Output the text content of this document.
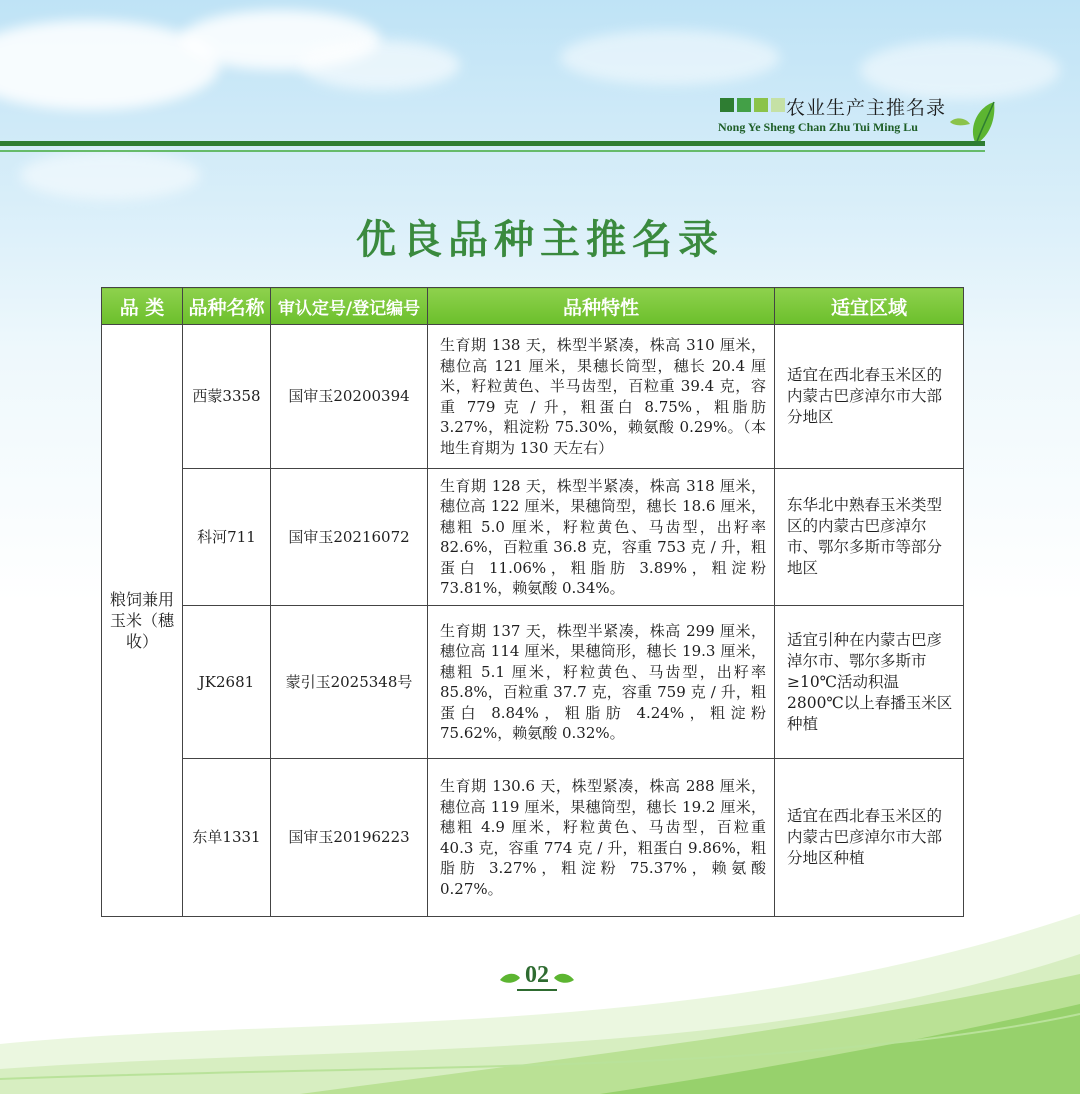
农业生产主推名录
Nong Ye Sheng Chan Zhu Tui Ming Lu
优良品种主推名录
品 类	品种名称	审认定号/登记编号	品种特性	适宜区域
粮饲兼用玉米（穗收）	西蒙3358	国审玉20200394	生育期 138 天，株型半紧凑，株高 310 厘米，穗位高 121 厘米，果穗长筒型，穗长 20.4 厘米，籽粒黄色、半马齿型，百粒重 39.4 克，容重 779 克 / 升，粗蛋白 8.75%，粗脂肪 3.27%，粗淀粉 75.30%，赖氨酸 0.29%。（本地生育期为 130 天左右）	适宜在西北春玉米区的内蒙古巴彦淖尔市大部分地区
	科河711	国审玉20216072	生育期 128 天，株型半紧凑，株高 318 厘米，穗位高 122 厘米，果穗筒型，穗长 18.6 厘米，穗粗 5.0 厘米，籽粒黄色、马齿型，出籽率 82.6%，百粒重 36.8 克，容重 753 克 / 升，粗蛋白 11.06%，粗脂肪 3.89%，粗淀粉 73.81%，赖氨酸 0.34%。	东华北中熟春玉米类型区的内蒙古巴彦淖尔市、鄂尔多斯市等部分地区
	JK2681	蒙引玉2025348号	生育期 137 天，株型半紧凑，株高 299 厘米，穗位高 114 厘米，果穗筒形，穗长 19.3 厘米，穗粗 5.1 厘米，籽粒黄色、马齿型，出籽率 85.8%，百粒重 37.7 克，容重 759 克 / 升，粗蛋白 8.84%，粗脂肪 4.24%，粗淀粉 75.62%，赖氨酸 0.32%。	适宜引种在内蒙古巴彦淖尔市、鄂尔多斯市≥10℃活动积温 2800℃以上春播玉米区种植
	东单1331	国审玉20196223	生育期 130.6 天，株型紧凑，株高 288 厘米，穗位高 119 厘米，果穗筒型，穗长 19.2 厘米，穗粗 4.9 厘米，籽粒黄色、马齿型，百粒重 40.3 克，容重 774 克 / 升，粗蛋白 9.86%，粗脂肪 3.27%，粗淀粉 75.37%，赖氨酸 0.27%。	适宜在西北春玉米区的内蒙古巴彦淖尔市大部分地区种植
02
